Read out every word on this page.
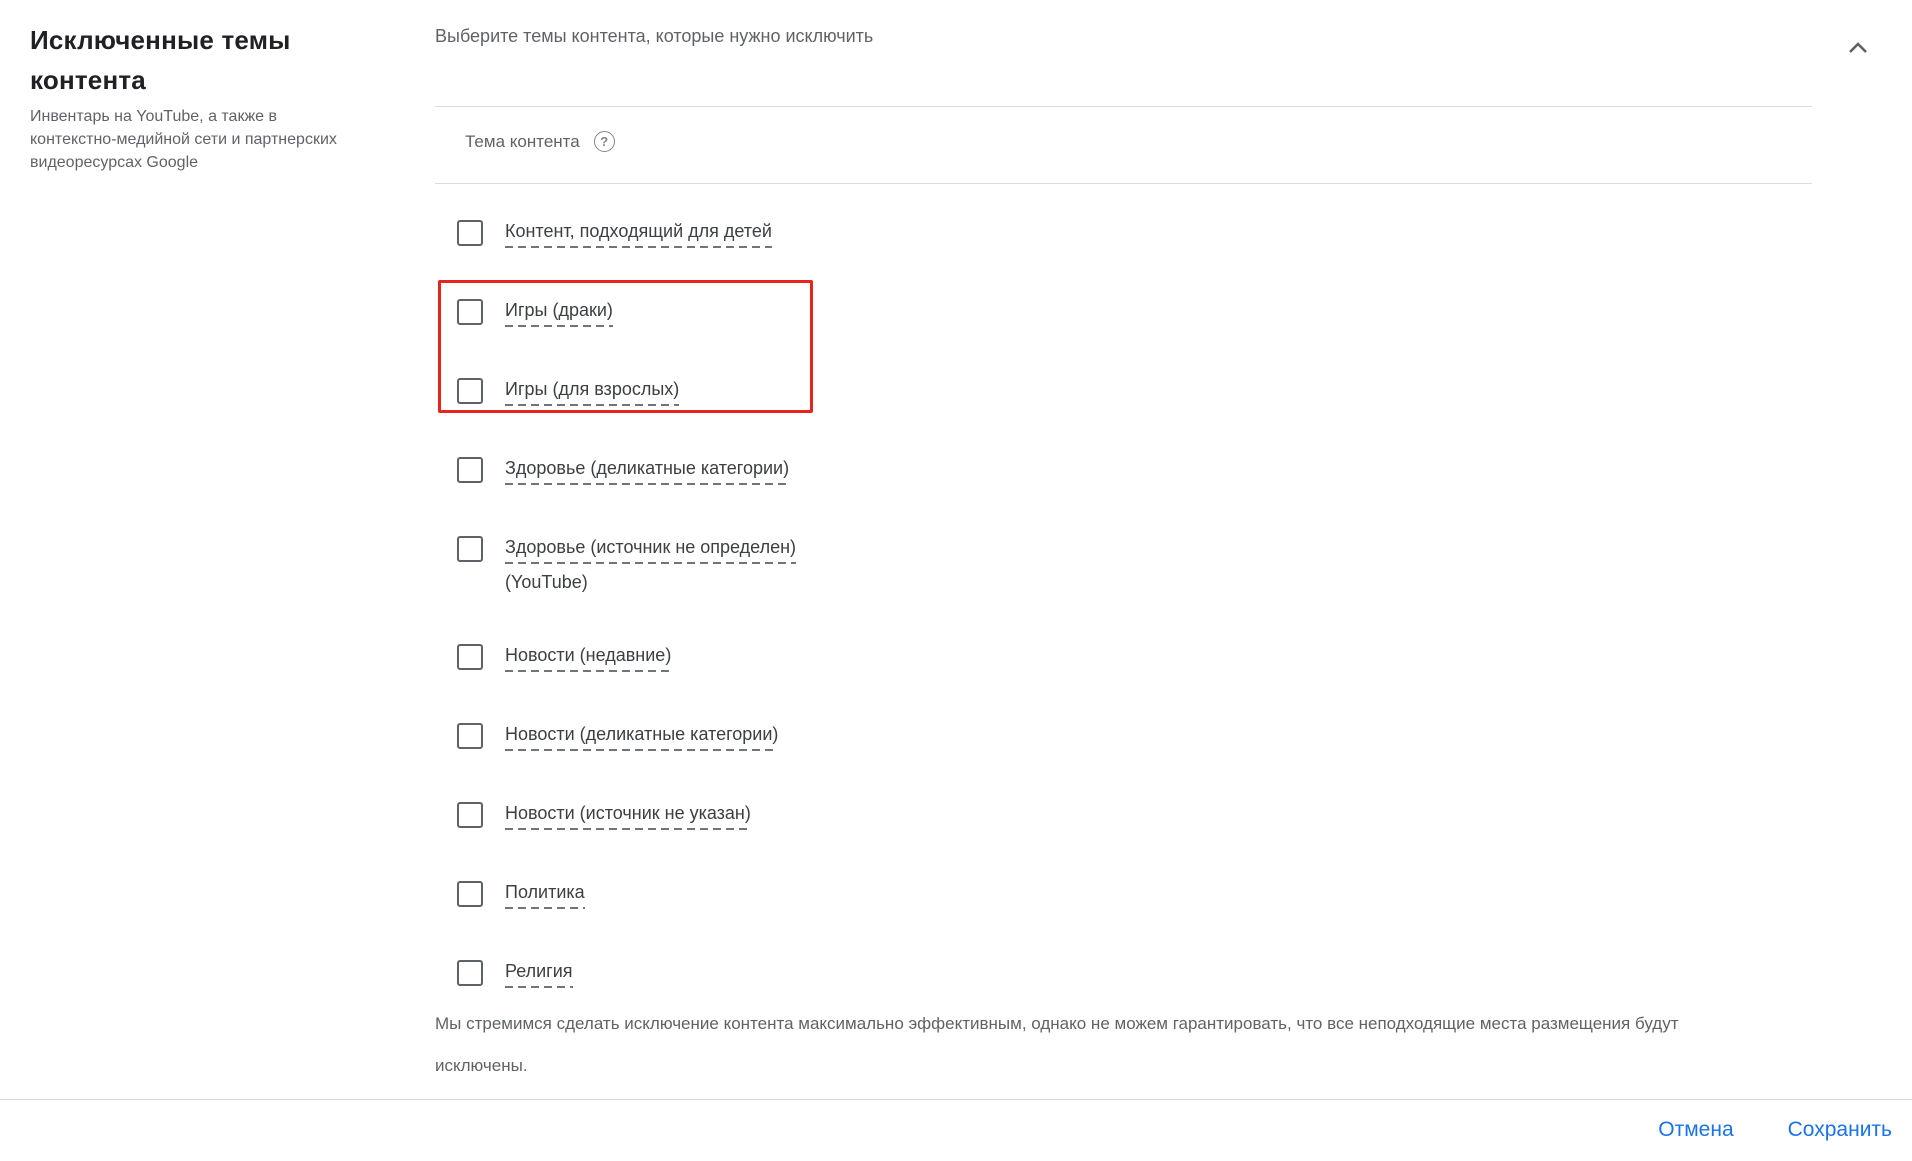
Исключенные темы контента
Инвентарь на YouTube, а также в контекстно-медийной сети и партнерских видеоресурсах Google
Выберите темы контента, которые нужно исключить
Тема контента	?
Контент, подходящий для детей
Игры (драки)
Игры (для взрослых)
Здоровье (деликатные категории)
Здоровье (источник не определен)
(YouTube)
Новости (недавние)
Новости (деликатные категории)
Новости (источник не указан)
Политика
Религия
Мы стремимся сделать исключение контента максимально эффективным, однако не можем гарантировать, что все неподходящие места размещения будут исключены.
Отмена	Сохранить
